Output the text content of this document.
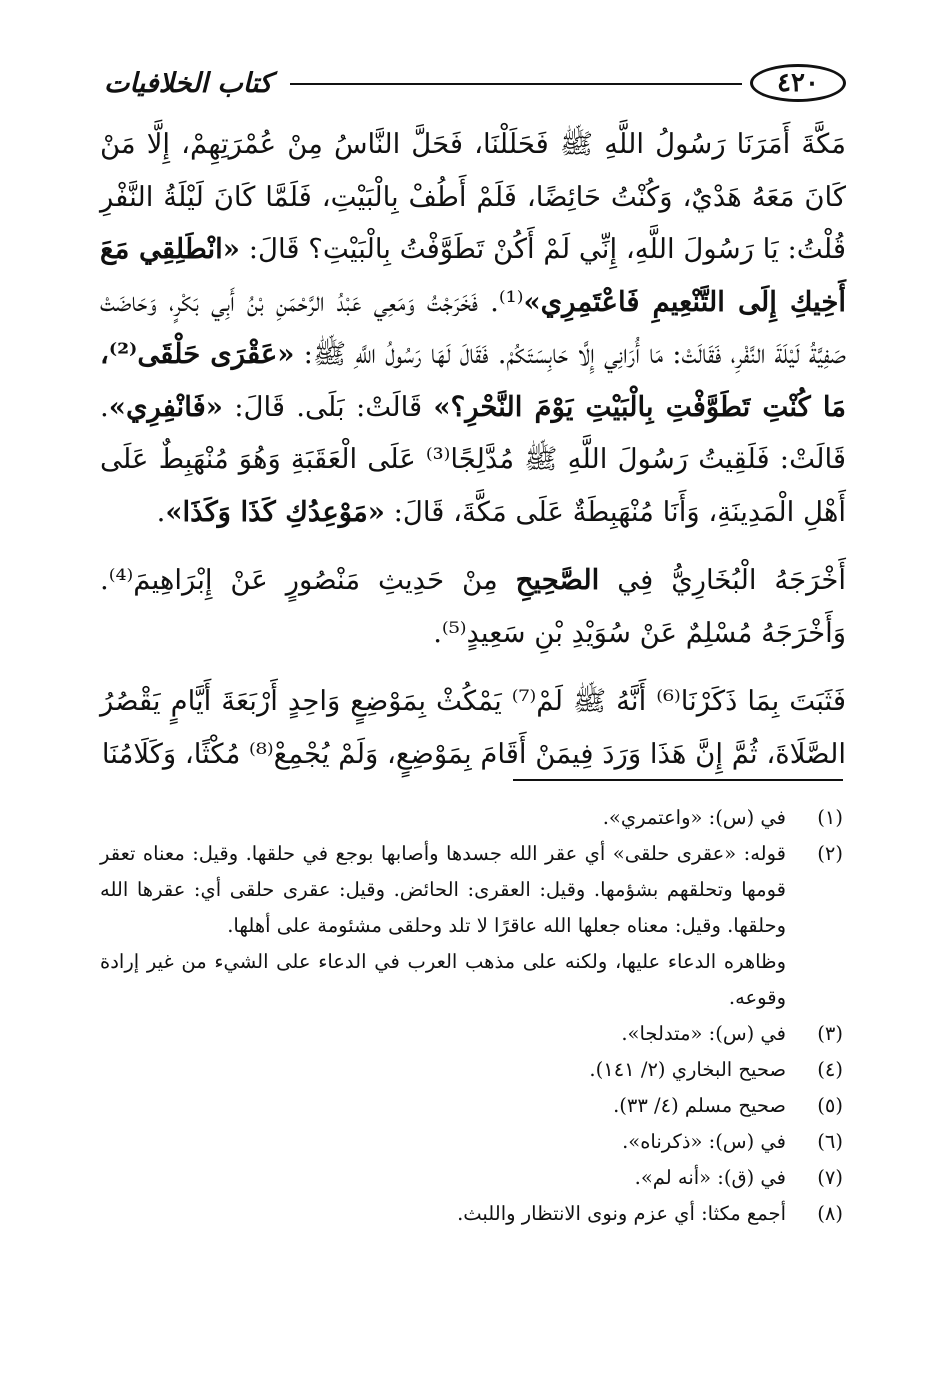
٤٢٠
كتاب الخلافيات

مَكَّةَ أَمَرَنَا رَسُولُ اللَّهِ ﷺ فَحَلَلْنَا، فَحَلَّ النَّاسُ مِنْ عُمْرَتِهِمْ، إِلَّا مَنْ كَانَ مَعَهُ هَدْيٌ، وَكُنْتُ حَائِضًا، فَلَمْ أَطُفْ بِالْبَيْتِ، فَلَمَّا كَانَ لَيْلَةُ النَّفْرِ قُلْتُ: يَا رَسُولَ اللَّهِ، إِنِّي لَمْ أَكُنْ تَطَوَّفْتُ بِالْبَيْتِ؟ قَالَ: «انْطَلِقِي مَعَ أَخِيكِ إِلَى التَّنْعِيمِ فَاعْتَمِرِي»⁽¹⁾. فَخَرَجْتُ وَمَعِي عَبْدُ الرَّحْمَنِ بْنُ أَبِي بَكْرٍ، وَحَاضَتْ صَفِيَّةُ لَيْلَةَ النَّفْرِ، فَقَالَتْ: مَا أُرَانِي إِلَّا حَابِسَتَكُمْ. فَقَالَ لَهَا رَسُولُ اللَّهِ ﷺ: «عَقْرَى حَلْقَى⁽²⁾، مَا كُنْتِ تَطَوَّفْتِ بِالْبَيْتِ يَوْمَ النَّحْرِ؟» قَالَتْ: بَلَى. قَالَ: «فَانْفِرِي». قَالَتْ: فَلَقِيتُ رَسُولَ اللَّهِ ﷺ مُدَّلِجًا⁽³⁾ عَلَى الْعَقَبَةِ وَهُوَ مُنْهَبِطٌ عَلَى أَهْلِ الْمَدِينَةِ، وَأَنَا مُنْهَبِطَةٌ عَلَى مَكَّةَ، قَالَ: «مَوْعِدُكِ كَذَا وَكَذَا».

أَخْرَجَهُ الْبُخَارِيُّ فِي الصَّحِيحِ مِنْ حَدِيثِ مَنْصُورٍ عَنْ إِبْرَاهِيمَ⁽⁴⁾. وَأَخْرَجَهُ مُسْلِمٌ عَنْ سُوَيْدِ بْنِ سَعِيدٍ⁽⁵⁾.

فَثَبَتَ بِمَا ذَكَرْنَا⁽⁶⁾ أَنَّهُ ﷺ لَمْ⁽⁷⁾ يَمْكُثْ بِمَوْضِعٍ وَاحِدٍ أَرْبَعَةَ أَيَّامٍ يَقْصُرُ الصَّلَاةَ، ثُمَّ إِنَّ هَذَا وَرَدَ فِيمَنْ أَقَامَ بِمَوْضِعٍ، وَلَمْ يُجْمِعْ⁽⁸⁾ مُكْثًا، وَكَلَامُنَا

(١)

في (س): «واعتمري».

(٢)

قوله: «عقرى حلقى» أي عقر الله جسدها وأصابها بوجع في حلقها. وقيل: معناه تعقر قومها وتحلقهم بشؤمها. وقيل: العقرى: الحائض. وقيل: عقرى حلقى أي: عقرها الله وحلقها. وقيل: معناه جعلها الله عاقرًا لا تلد وحلقى مشئومة على أهلها.

وظاهره الدعاء عليها، ولكنه على مذهب العرب في الدعاء على الشيء من غير إرادة وقوعه.

(٣)

في (س): «متدلجا».

(٤)

صحيح البخاري (٢/ ١٤١).

(٥)

صحيح مسلم (٤/ ٣٣).

(٦)

في (س): «ذكرناه».

(٧)

في (ق): «أنه لم».

(٨)

أجمع مكثا: أي عزم ونوى الانتظار واللبث.
